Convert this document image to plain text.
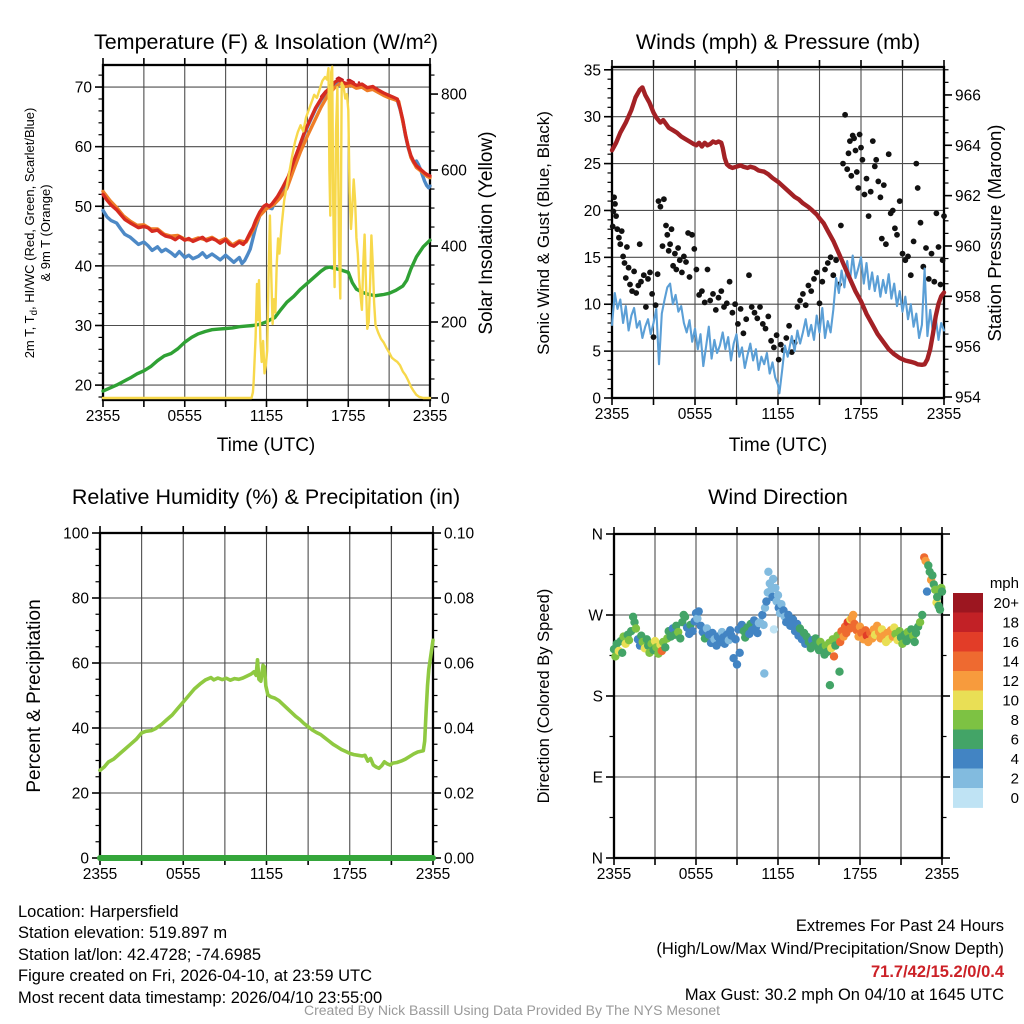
2355	0555	1155	1755	2355
20
30
40
50
60
70
0
200
400
600
800
Temperature (F) & Insolation (W/m²)
Time (UTC)
2m T, $T_d$, HI/WC (Red, Green, Scarlet/Blue) & 9m T (Orange)	Solar Insolation (Yellow)
2355	0555	1155	1755	2355
0
5
10
15
20
25
30
35
954
956
958
960
962
964
966
Winds (mph) & Pressure (mb)
Time (UTC)
Sonic Wind & Gust (Blue, Black)	Station Pressure (Maroon)
2355	0555	1155	1755	2355
0
20
40
60
80
100
0.00
0.02
0.04
0.06
0.08
0.10
Relative Humidity (%) & Precipitation (in)
Percent & Precipitation
2355	0555	1155	1755	2355
N
E
S
W
N
Wind Direction
Direction (Colored By Speed)
mph
20+
18
16
14
12
10
8
6
4
2
0
Location: Harpersfield
Station elevation: 519.897 m
Station lat/lon: 42.4728; -74.6985
Figure created on Fri, 2026-04-10, at 23:59 UTC
Most recent data timestamp: 2026/04/10 23:55:00
Extremes For Past 24 Hours
(High/Low/Max Wind/Precipitation/Snow Depth)
71.7/42/15.2/0/0.4
Max Gust: 30.2 mph On 04/10 at 1645 UTC
Created By Nick Bassill Using Data Provided By The NYS Mesonet
